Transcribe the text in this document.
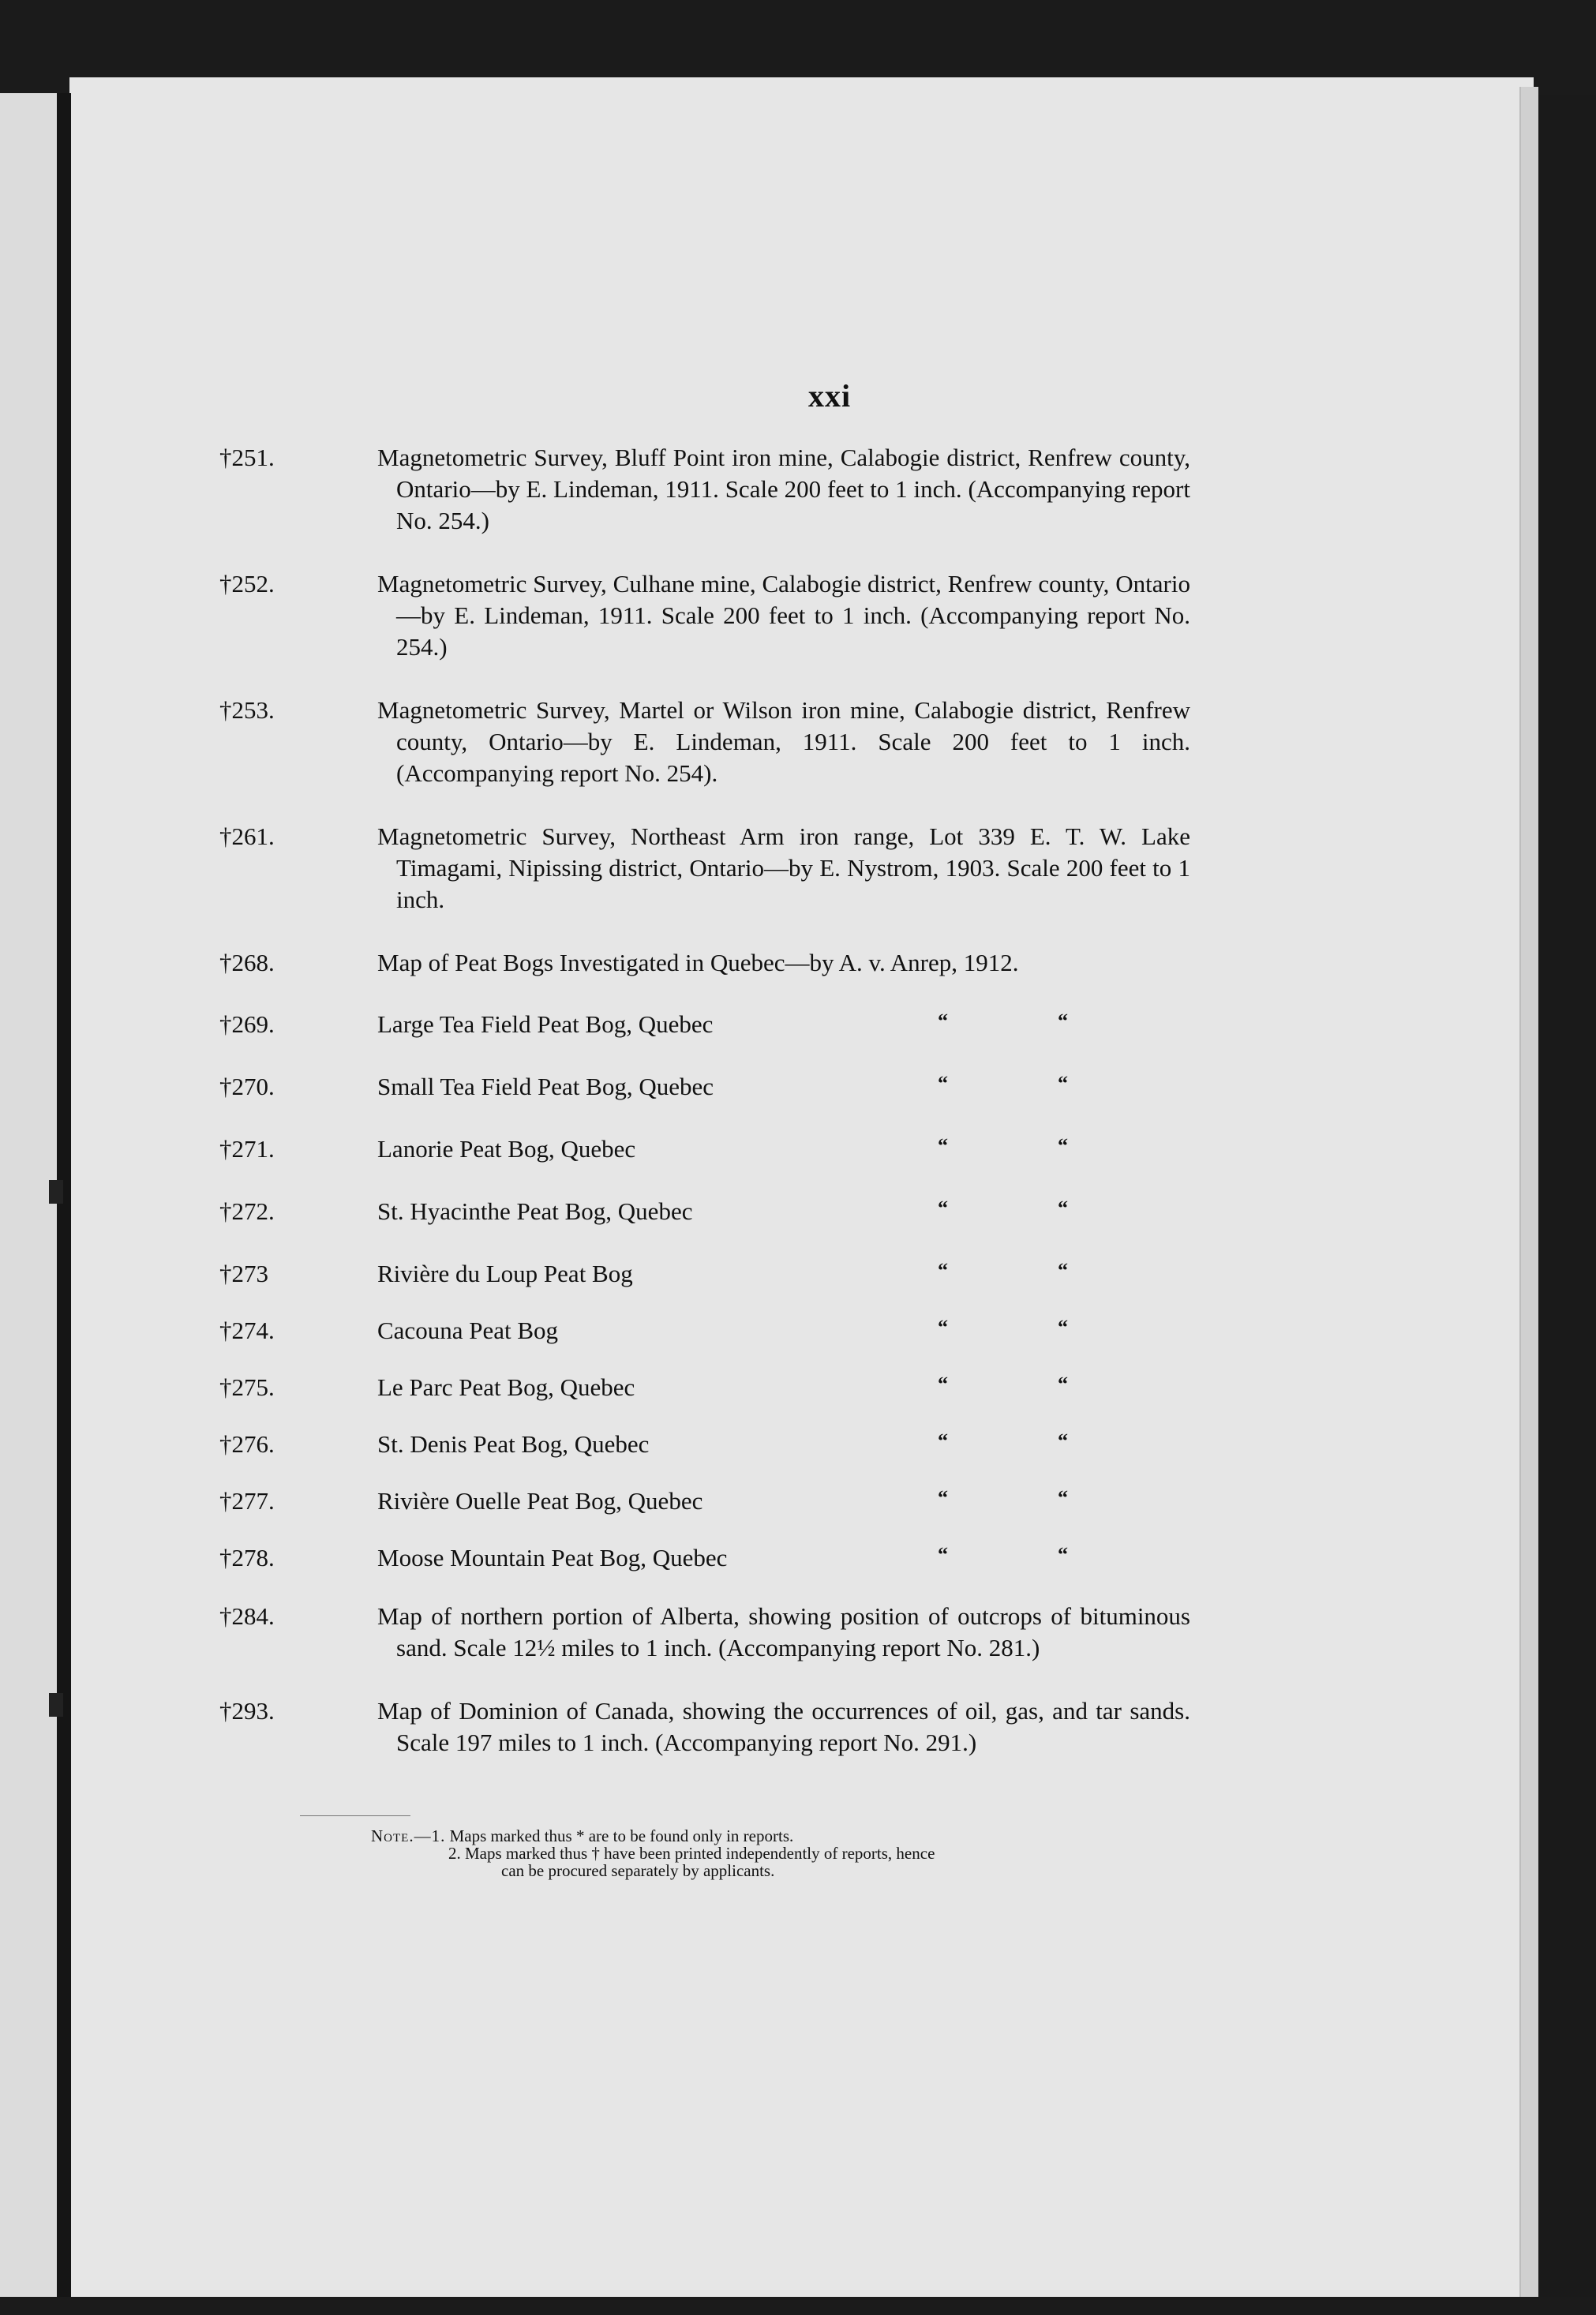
xxi
†251.	Magnetometric Survey, Bluff Point iron mine, Calabogie district, Renfrew county, Ontario—by E. Lindeman, 1911. Scale 200 feet to 1 inch. (Accompanying report No. 254.)
†252.	Magnetometric Survey, Culhane mine, Calabogie district, Renfrew county, Ontario—by E. Lindeman, 1911. Scale 200 feet to 1 inch. (Accompanying report No. 254.)
†253.	Magnetometric Survey, Martel or Wilson iron mine, Calabogie district, Renfrew county, Ontario—by E. Lindeman, 1911. Scale 200 feet to 1 inch. (Accompanying report No. 254).
†261.	Magnetometric Survey, Northeast Arm iron range, Lot 339 E. T. W. Lake Timagami, Nipissing district, Ontario—by E. Nystrom, 1903. Scale 200 feet to 1 inch.
†268.	Map of Peat Bogs Investigated in Quebec—by A. v. Anrep, 1912.
†269.	Large Tea Field Peat Bog, Quebec	“	“
†270.	Small Tea Field Peat Bog, Quebec	“	“
†271.	Lanorie Peat Bog, Quebec	“	“
†272.	St. Hyacinthe Peat Bog, Quebec	“	“
†273	Rivière du Loup Peat Bog	“	“
†274.	Cacouna Peat Bog	“	“
†275.	Le Parc Peat Bog, Quebec	“	“
†276.	St. Denis Peat Bog, Quebec	“	“
†277.	Rivière Ouelle Peat Bog, Quebec	“	“
†278.	Moose Mountain Peat Bog, Quebec	“	“
†284.	Map of northern portion of Alberta, showing position of outcrops of bituminous sand. Scale 12½ miles to 1 inch. (Accompanying report No. 281.)
†293.	Map of Dominion of Canada, showing the occurrences of oil, gas, and tar sands. Scale 197 miles to 1 inch. (Accompanying report No. 291.)
Note.—1. Maps marked thus * are to be found only in reports.
2. Maps marked thus † have been printed independently of reports, hence
can be procured separately by applicants.
